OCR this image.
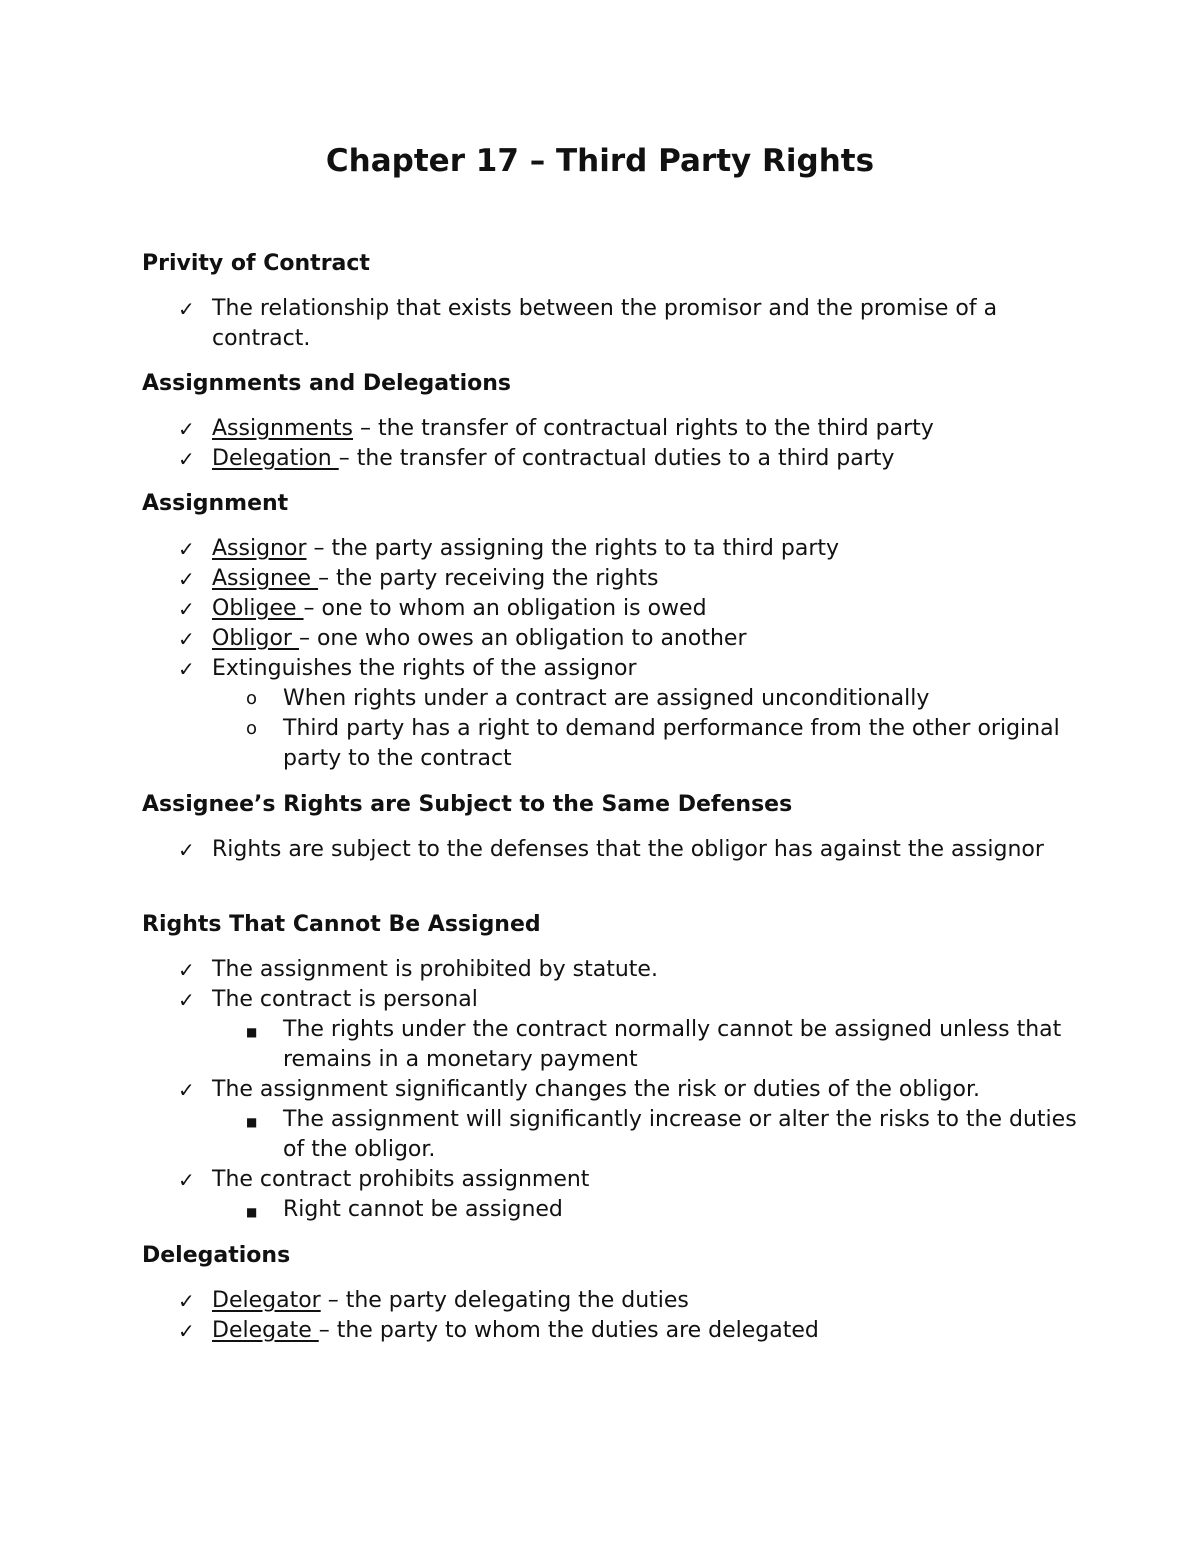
Chapter 17 – Third Party Rights
Privity of Contract
✓ The relationship that exists between the promisor and the promise of a contract.
Assignments and Delegations
✓ Assignments – the transfer of contractual rights to the third party
✓ Delegation – the transfer of contractual duties to a third party
Assignment
✓ Assignor – the party assigning the rights to ta third party
✓ Assignee – the party receiving the rights
✓ Obligee – one to whom an obligation is owed
✓ Obligor – one who owes an obligation to another
✓ Extinguishes the rights of the assignor
o When rights under a contract are assigned unconditionally
o Third party has a right to demand performance from the other original party to the contract
Assignee’s Rights are Subject to the Same Defenses
✓ Rights are subject to the defenses that the obligor has against the assignor
Rights That Cannot Be Assigned
✓ The assignment is prohibited by statute.
✓ The contract is personal
■ The rights under the contract normally cannot be assigned unless that remains in a monetary payment
✓ The assignment significantly changes the risk or duties of the obligor.
■ The assignment will significantly increase or alter the risks to the duties of the obligor.
✓ The contract prohibits assignment
■ Right cannot be assigned
Delegations
✓ Delegator – the party delegating the duties
✓ Delegate – the party to whom the duties are delegated
